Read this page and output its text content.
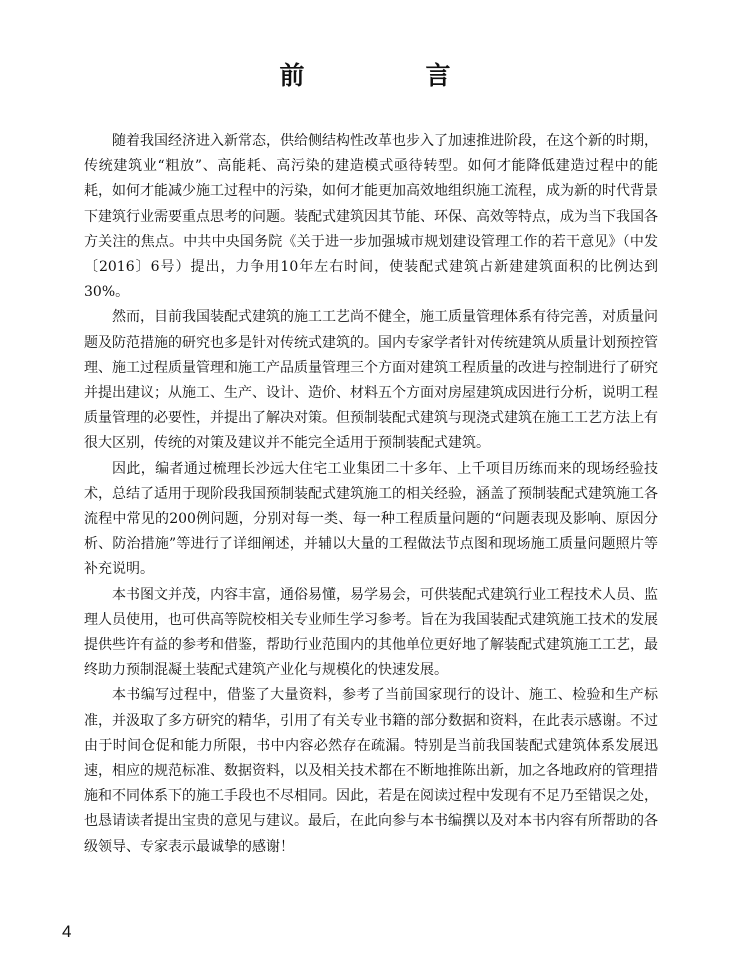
前　言

随着我国经济进入新常态，供给侧结构性改革也步入了加速推进阶段，在这个新的时期，传统建筑业“粗放”、高能耗、高污染的建造模式亟待转型。如何才能降低建造过程中的能耗，如何才能减少施工过程中的污染，如何才能更加高效地组织施工流程，成为新的时代背景下建筑行业需要重点思考的问题。装配式建筑因其节能、环保、高效等特点，成为当下我国各方关注的焦点。中共中央国务院《关于进一步加强城市规划建设管理工作的若干意见》（中发〔2016〕6号）提出，力争用10年左右时间，使装配式建筑占新建建筑面积的比例达到30%。

然而，目前我国装配式建筑的施工工艺尚不健全，施工质量管理体系有待完善，对质量问题及防范措施的研究也多是针对传统式建筑的。国内专家学者针对传统建筑从质量计划预控管理、施工过程质量管理和施工产品质量管理三个方面对建筑工程质量的改进与控制进行了研究并提出建议；从施工、生产、设计、造价、材料五个方面对房屋建筑成因进行分析，说明工程质量管理的必要性，并提出了解决对策。但预制装配式建筑与现浇式建筑在施工工艺方法上有很大区别，传统的对策及建议并不能完全适用于预制装配式建筑。

因此，编者通过梳理长沙远大住宅工业集团二十多年、上千项目历练而来的现场经验技术，总结了适用于现阶段我国预制装配式建筑施工的相关经验，涵盖了预制装配式建筑施工各流程中常见的200例问题，分别对每一类、每一种工程质量问题的“问题表现及影响、原因分析、防治措施”等进行了详细阐述，并辅以大量的工程做法节点图和现场施工质量问题照片等补充说明。

本书图文并茂，内容丰富，通俗易懂，易学易会，可供装配式建筑行业工程技术人员、监理人员使用，也可供高等院校相关专业师生学习参考。旨在为我国装配式建筑施工技术的发展提供些许有益的参考和借鉴，帮助行业范围内的其他单位更好地了解装配式建筑施工工艺，最终助力预制混凝土装配式建筑产业化与规模化的快速发展。

本书编写过程中，借鉴了大量资料，参考了当前国家现行的设计、施工、检验和生产标准，并汲取了多方研究的精华，引用了有关专业书籍的部分数据和资料，在此表示感谢。不过由于时间仓促和能力所限，书中内容必然存在疏漏。特别是当前我国装配式建筑体系发展迅速，相应的规范标准、数据资料，以及相关技术都在不断地推陈出新，加之各地政府的管理措施和不同体系下的施工手段也不尽相同。因此，若是在阅读过程中发现有不足乃至错误之处，也恳请读者提出宝贵的意见与建议。最后，在此向参与本书编撰以及对本书内容有所帮助的各级领导、专家表示最诚挚的感谢！

4
